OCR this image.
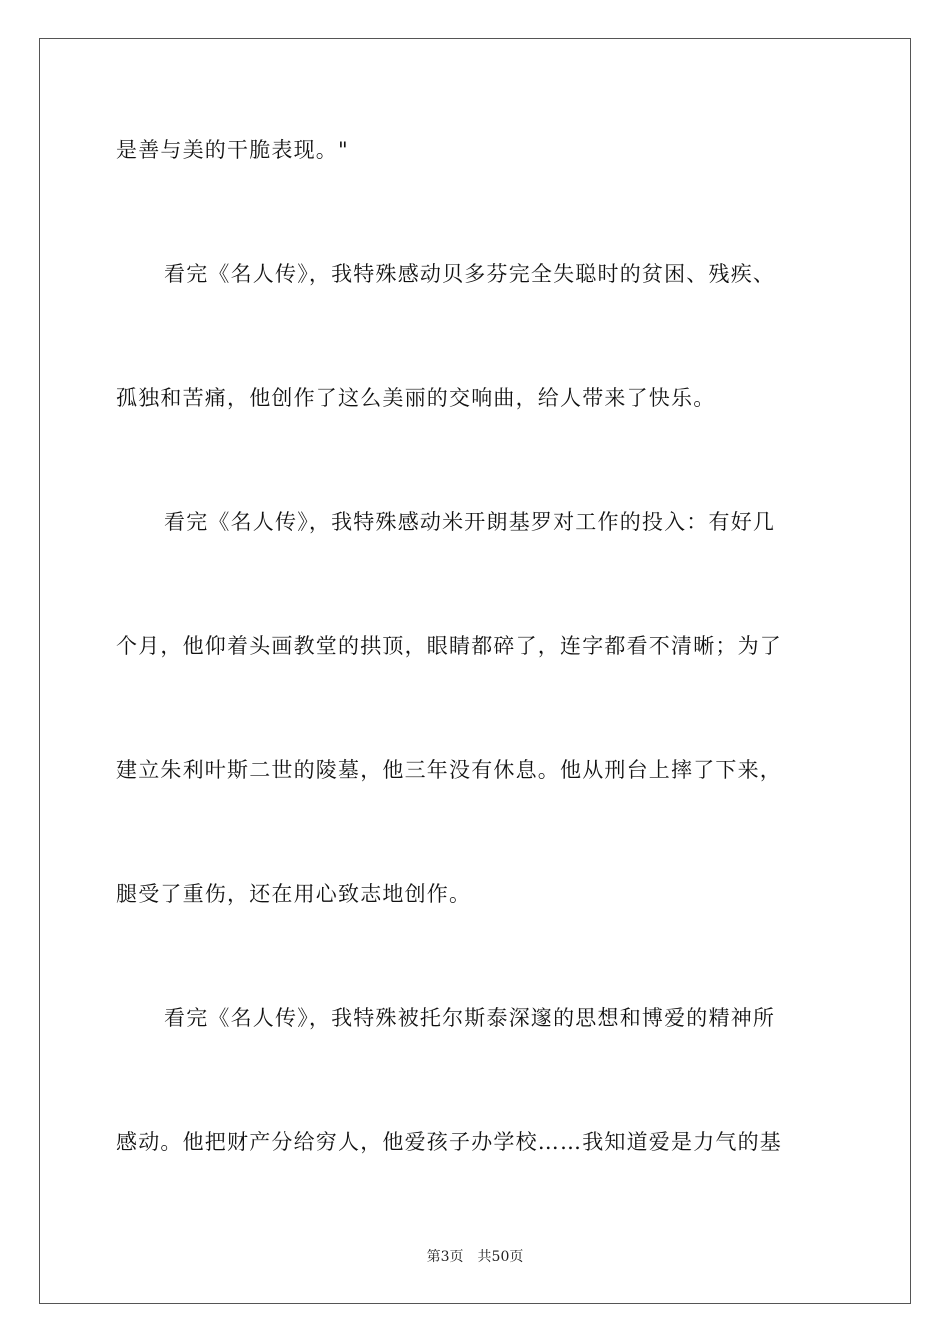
是善与美的干脆表现。"
看完《名人传》，我特殊感动贝多芬完全失聪时的贫困、残疾、
孤独和苦痛，他创作了这么美丽的交响曲，给人带来了快乐。
看完《名人传》，我特殊感动米开朗基罗对工作的投入：有好几
个月，他仰着头画教堂的拱顶，眼睛都碎了，连字都看不清晰；为了
建立朱利叶斯二世的陵墓，他三年没有休息。他从刑台上摔了下来，
腿受了重伤，还在用心致志地创作。
看完《名人传》，我特殊被托尔斯泰深邃的思想和博爱的精神所
感动。他把财产分给穷人，他爱孩子办学校……我知道爱是力气的基
第3页 共50页
